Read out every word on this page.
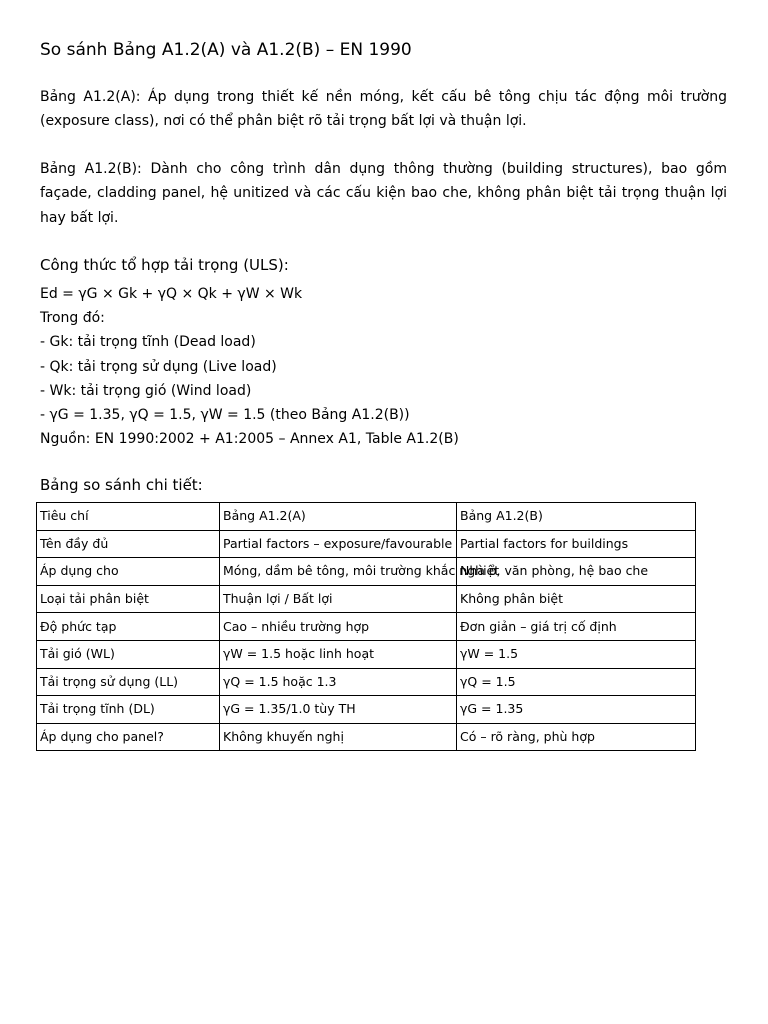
So sánh Bảng A1.2(A) và A1.2(B) – EN 1990

Bảng A1.2(A): Áp dụng trong thiết kế nền móng, kết cấu bê tông chịu tác động môi trường (exposure class), nơi có thể phân biệt rõ tải trọng bất lợi và thuận lợi.

Bảng A1.2(B): Dành cho công trình dân dụng thông thường (building structures), bao gồm façade, cladding panel, hệ unitized và các cấu kiện bao che, không phân biệt tải trọng thuận lợi hay bất lợi.

Công thức tổ hợp tải trọng (ULS):
Ed = γG × Gk + γQ × Qk + γW × Wk
Trong đó:
- Gk: tải trọng tĩnh (Dead load)
- Qk: tải trọng sử dụng (Live load)
- Wk: tải trọng gió (Wind load)
- γG = 1.35, γQ = 1.5, γW = 1.5 (theo Bảng A1.2(B))
Nguồn: EN 1990:2002 + A1:2005 – Annex A1, Table A1.2(B)
Bảng so sánh chi tiết:
Tiêu chí	Bảng A1.2(A)	Bảng A1.2(B)
Tên đầy đủ	Partial factors – exposure/favourable	Partial factors for buildings
Áp dụng cho	Móng, dầm bê tông, môi trường khắc nghiệt	Nhà ở, văn phòng, hệ bao che
Loại tải phân biệt	Thuận lợi / Bất lợi	Không phân biệt
Độ phức tạp	Cao – nhiều trường hợp	Đơn giản – giá trị cố định
Tải gió (WL)	γW = 1.5 hoặc linh hoạt	γW = 1.5
Tải trọng sử dụng (LL)	γQ = 1.5 hoặc 1.3	γQ = 1.5
Tải trọng tĩnh (DL)	γG = 1.35/1.0 tùy TH	γG = 1.35
Áp dụng cho panel?	Không khuyến nghị	Có – rõ ràng, phù hợp
